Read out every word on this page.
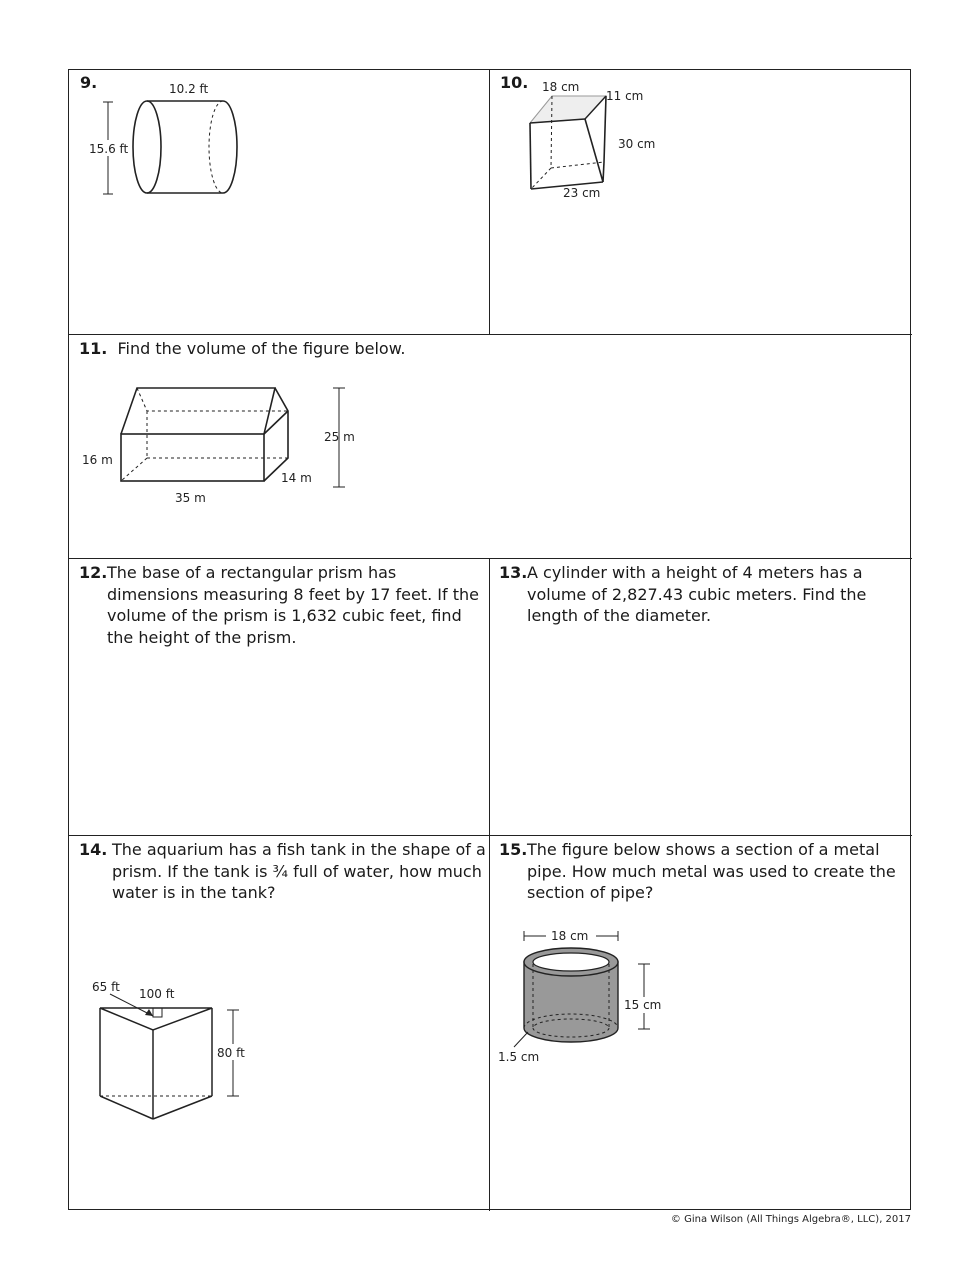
9.	10.2 ft
15.6 ft
10. 18 cm
11 cm
30 cm
23 cm
11. Find the volume of the figure below.
25 m
16 m
14 m
35 m
12. The base of a rectangular prism has dimensions measuring 8 feet by 17 feet. If the volume of the prism is 1,632 cubic feet, find the height of the prism.
13. A cylinder with a height of 4 meters has a volume of 2,827.43 cubic meters. Find the length of the diameter.
14. The aquarium has a fish tank in the shape of a prism. If the tank is ¾ full of water, how much water is in the tank?
65 ft 100 ft
80 ft
15. The figure below shows a section of a metal pipe. How much metal was used to create the section of pipe?
18 cm
15 cm
1.5 cm
© Gina Wilson (All Things Algebra®, LLC), 2017
